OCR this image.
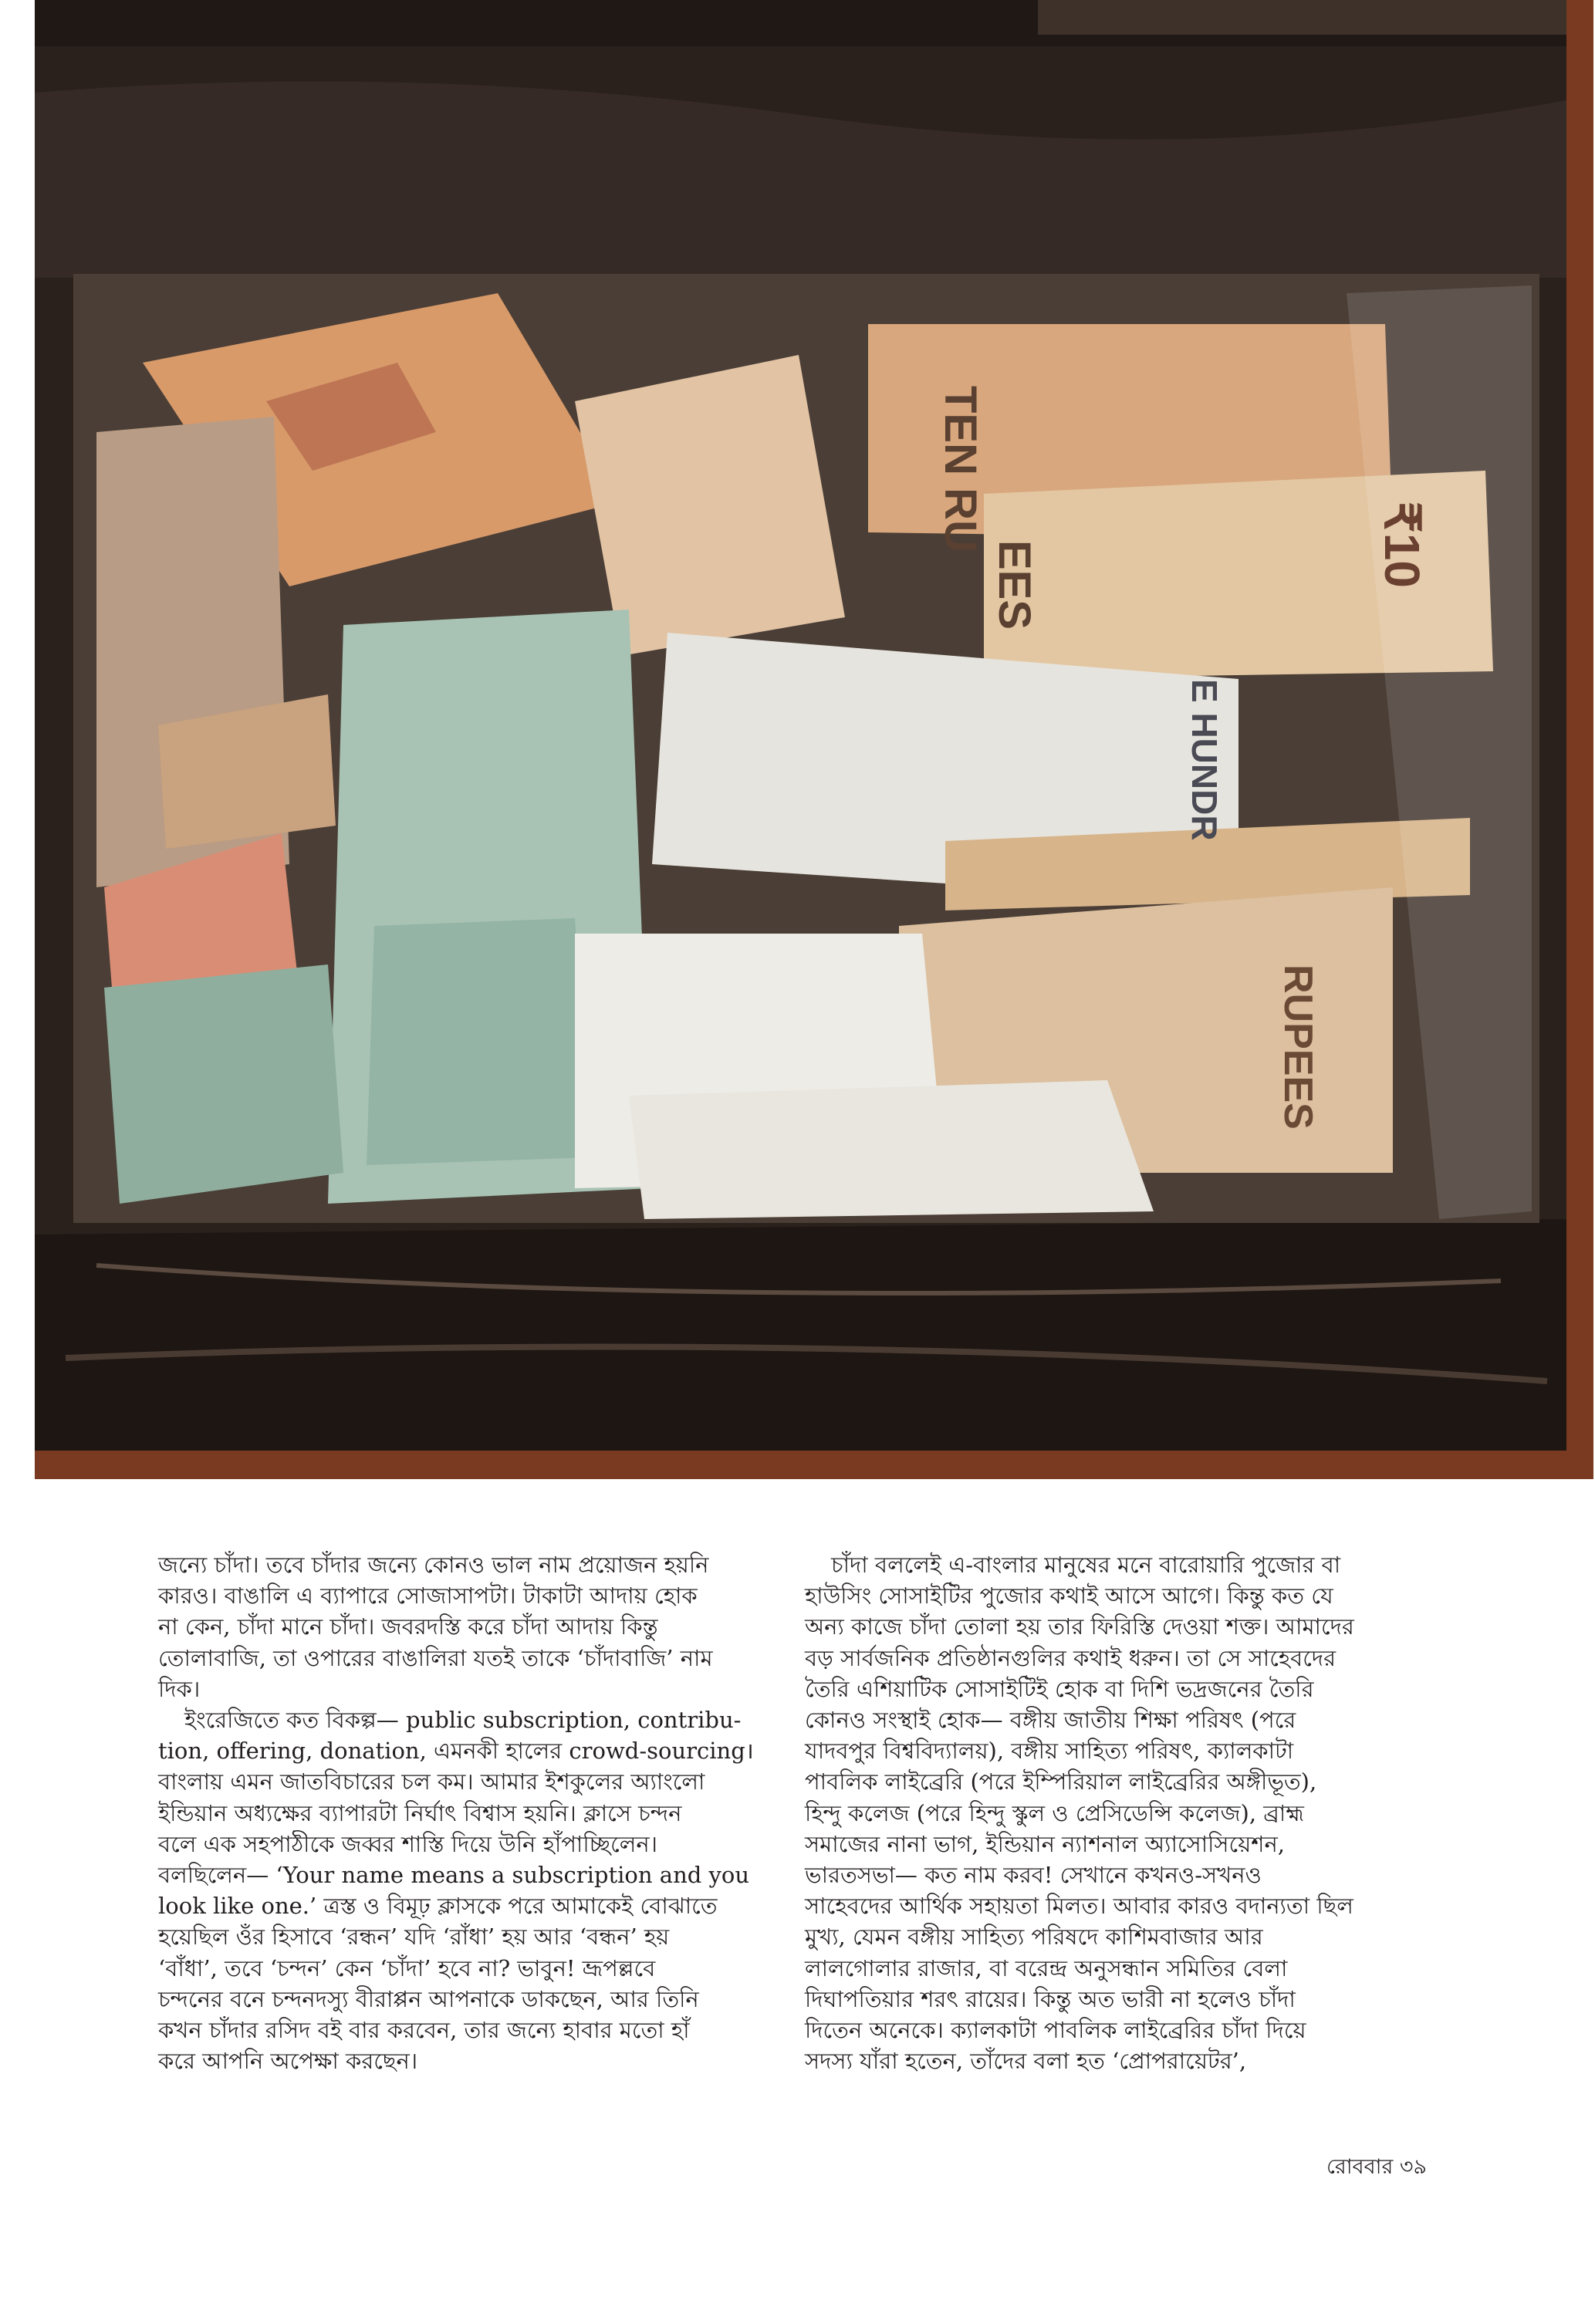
TEN RU
EES
RUPEES
E HUNDR
₹10

জন্যে চাঁদা। তবে চাঁদার জন্যে কোনও ভাল নাম প্রয়োজন হয়নি
কারও। বাঙালি এ ব্যাপারে সোজাসাপটা। টাকাটা আদায় হোক
না কেন, চাঁদা মানে চাঁদা। জবরদস্তি করে চাঁদা আদায় কিন্তু
তোলাবাজি, তা ওপারের বাঙালিরা যতই তাকে ‘চাঁদাবাজি’ নাম
দিক।

ইংরেজিতে কত বিকল্প— public subscription, contribu-
tion, offering, donation, এমনকী হালের crowd-sourcing।
বাংলায় এমন জাতবিচারের চল কম। আমার ইশকুলের অ্যাংলো
ইন্ডিয়ান অধ্যক্ষের ব্যাপারটা নির্ঘাৎ বিশ্বাস হয়নি। ক্লাসে চন্দন
বলে এক সহপাঠীকে জব্বর শাস্তি দিয়ে উনি হাঁপাচ্ছিলেন।
বলছিলেন— ‘Your name means a subscription and you
look like one.’ ত্রস্ত ও বিমূঢ় ক্লাসকে পরে আমাকেই বোঝাতে
হয়েছিল ওঁর হিসাবে ‘রন্ধন’ যদি ‘রাঁধা’ হয় আর ‘বন্ধন’ হয়
‘বাঁধা’, তবে ‘চন্দন’ কেন ‘চাঁদা’ হবে না? ভাবুন! ভ্রূপল্লবে
চন্দনের বনে চন্দনদস্যু বীরাপ্পন আপনাকে ডাকছেন, আর তিনি
কখন চাঁদার রসিদ বই বার করবেন, তার জন্যে হাবার মতো হাঁ
করে আপনি অপেক্ষা করছেন।

চাঁদা বললেই এ-বাংলার মানুষের মনে বারোয়ারি পুজোর বা
হাউসিং সোসাইটির পুজোর কথাই আসে আগে। কিন্তু কত যে
অন্য কাজে চাঁদা তোলা হয় তার ফিরিস্তি দেওয়া শক্ত। আমাদের
বড় সার্বজনিক প্রতিষ্ঠানগুলির কথাই ধরুন। তা সে সাহেবদের
তৈরি এশিয়াটিক সোসাইটিই হোক বা দিশি ভদ্রজনের তৈরি
কোনও সংস্থাই হোক— বঙ্গীয় জাতীয় শিক্ষা পরিষৎ (পরে
যাদবপুর বিশ্ববিদ্যালয়), বঙ্গীয় সাহিত্য পরিষৎ, ক্যালকাটা
পাবলিক লাইব্রেরি (পরে ইম্পিরিয়াল লাইব্রেরির অঙ্গীভূত),
হিন্দু কলেজ (পরে হিন্দু স্কুল ও প্রেসিডেন্সি কলেজ), ব্রাহ্ম
সমাজের নানা ভাগ, ইন্ডিয়ান ন্যাশনাল অ্যাসোসিয়েশন,
ভারতসভা— কত নাম করব! সেখানে কখনও-সখনও
সাহেবদের আর্থিক সহায়তা মিলত। আবার কারও বদান্যতা ছিল
মুখ্য, যেমন বঙ্গীয় সাহিত্য পরিষদে কাশিমবাজার আর
লালগোলার রাজার, বা বরেন্দ্র অনুসন্ধান সমিতির বেলা
দিঘাপতিয়ার শরৎ রায়ের। কিন্তু অত ভারী না হলেও চাঁদা
দিতেন অনেকে। ক্যালকাটা পাবলিক লাইব্রেরির চাঁদা দিয়ে
সদস্য যাঁরা হতেন, তাঁদের বলা হত ‘প্রোপরায়েটর’,

রোববার ৩৯
